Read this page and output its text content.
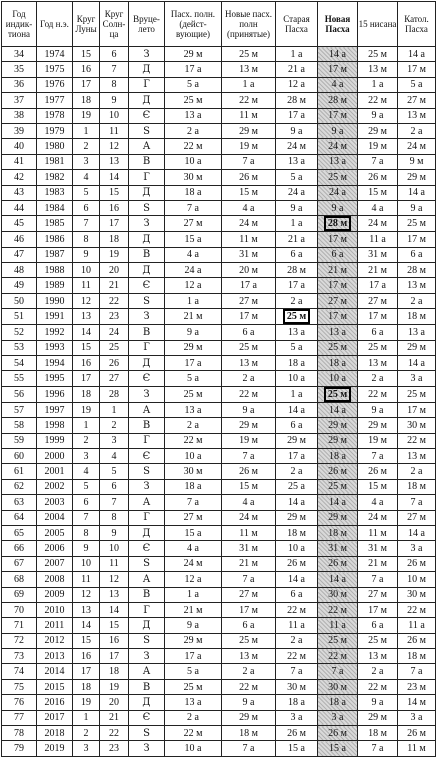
Год индик-тиона	Год н.э.	Круг Луны	Круг Солн-ца	Вруце-лето	Пасх. полн. (дейст-вующие)	Новые пасх. полн (принятые)	Старая Пасха	Новая Пасха	15 нисана	Катол. Пасха
34	1974	15	6	З	29 м	25 м	1 а	14 а	25 м	14 а
35	1975	16	7	Д	17 а	13 м	21 а	17 м	13 м	17 м
36	1976	17	8	Г	5 а	1 а	12 а	4 а	1 а	5 а
37	1977	18	9	Д	25 м	22 м	28 м	28 м	22 м	27 м
38	1978	19	10	Є	13 а	11 м	17 а	17 м	9 а	13 м
39	1979	1	11	Ѕ	2 а	29 м	9 а	9 а	29 м	2 а
40	1980	2	12	А	22 м	19 м	24 м	24 м	19 м	24 м
41	1981	3	13	В	10 а	7 а	13 а	13 а	7 а	9 м
42	1982	4	14	Г	30 м	26 м	5 а	25 м	26 м	29 м
43	1983	5	15	Д	18 а	15 м	24 а	24 а	15 м	14 а
44	1984	6	16	Ѕ	7 а	4 а	9 а	9 а	4 а	9 а
45	1985	7	17	З	27 м	24 м	1 а	28 м	24 м	25 м
46	1986	8	18	Д	15 а	11 м	21 а	17 м	11 а	17 м
47	1987	9	19	В	4 а	31 м	6 а	6 а	31 м	6 а
48	1988	10	20	Д	24 а	20 м	28 м	21 м	21 м	28 м
49	1989	11	21	Є	12 а	17 а	17 а	17 м	17 а	13 м
50	1990	12	22	Ѕ	1 а	27 м	2 а	27 м	27 м	2 а
51	1991	13	23	З	21 м	17 м	25 м	17 м	17 м	18 м
52	1992	14	24	В	9 а	6 а	13 а	13 а	6 а	13 а
53	1993	15	25	Г	29 м	25 м	5 а	25 м	25 м	29 м
54	1994	16	26	Д	17 а	13 м	18 а	18 а	13 м	14 а
55	1995	17	27	Є	5 а	2 а	10 а	10 а	2 а	3 а
56	1996	18	28	З	25 м	22 м	1 а	25 м	22 м	25 м
57	1997	19	1	А	13 а	9 а	14 а	14 а	9 а	17 м
58	1998	1	2	В	2 а	29 м	6 а	29 м	29 м	30 м
59	1999	2	3	Г	22 м	19 м	29 м	29 м	19 м	22 м
60	2000	3	4	Є	10 а	7 а	17 а	18 а	7 а	13 м
61	2001	4	5	Ѕ	30 м	26 м	2 а	26 м	26 м	2 а
62	2002	5	6	З	18 а	15 м	25 а	25 м	15 м	18 м
63	2003	6	7	А	7 а	4 а	14 а	14 а	4 а	7 а
64	2004	7	8	Г	27 м	24 м	29 м	29 м	24 м	27 м
65	2005	8	9	Д	15 а	11 м	18 м	18 м	11 м	14 а
66	2006	9	10	Є	4 а	31 м	10 а	31 м	31 м	3 а
67	2007	10	11	Ѕ	24 м	21 м	26 м	26 м	21 м	26 м
68	2008	11	12	А	12 а	7 а	14 а	14 а	7 а	10 м
69	2009	12	13	В	1 а	27 м	6 а	30 м	27 м	30 м
70	2010	13	14	Г	21 м	17 м	22 м	22 м	17 м	22 м
71	2011	14	15	Д	9 а	6 а	11 а	11 а	6 а	11 а
72	2012	15	16	Ѕ	29 м	25 м	2 а	25 м	25 м	26 м
73	2013	16	17	З	17 а	13 м	22 м	22 м	13 м	18 м
74	2014	17	18	А	5 а	2 а	7 а	7 а	2 а	7 а
75	2015	18	19	В	25 м	22 м	30 м	30 м	22 м	23 м
76	2016	19	20	Д	13 а	9 а	18 а	18 а	9 а	14 м
77	2017	1	21	Є	2 а	29 м	3 а	3 а	29 м	3 а
78	2018	2	22	Ѕ	22 м	18 м	26 м	26 м	18 м	26 м
79	2019	3	23	З	10 а	7 а	15 а	15 а	7 а	11 м
